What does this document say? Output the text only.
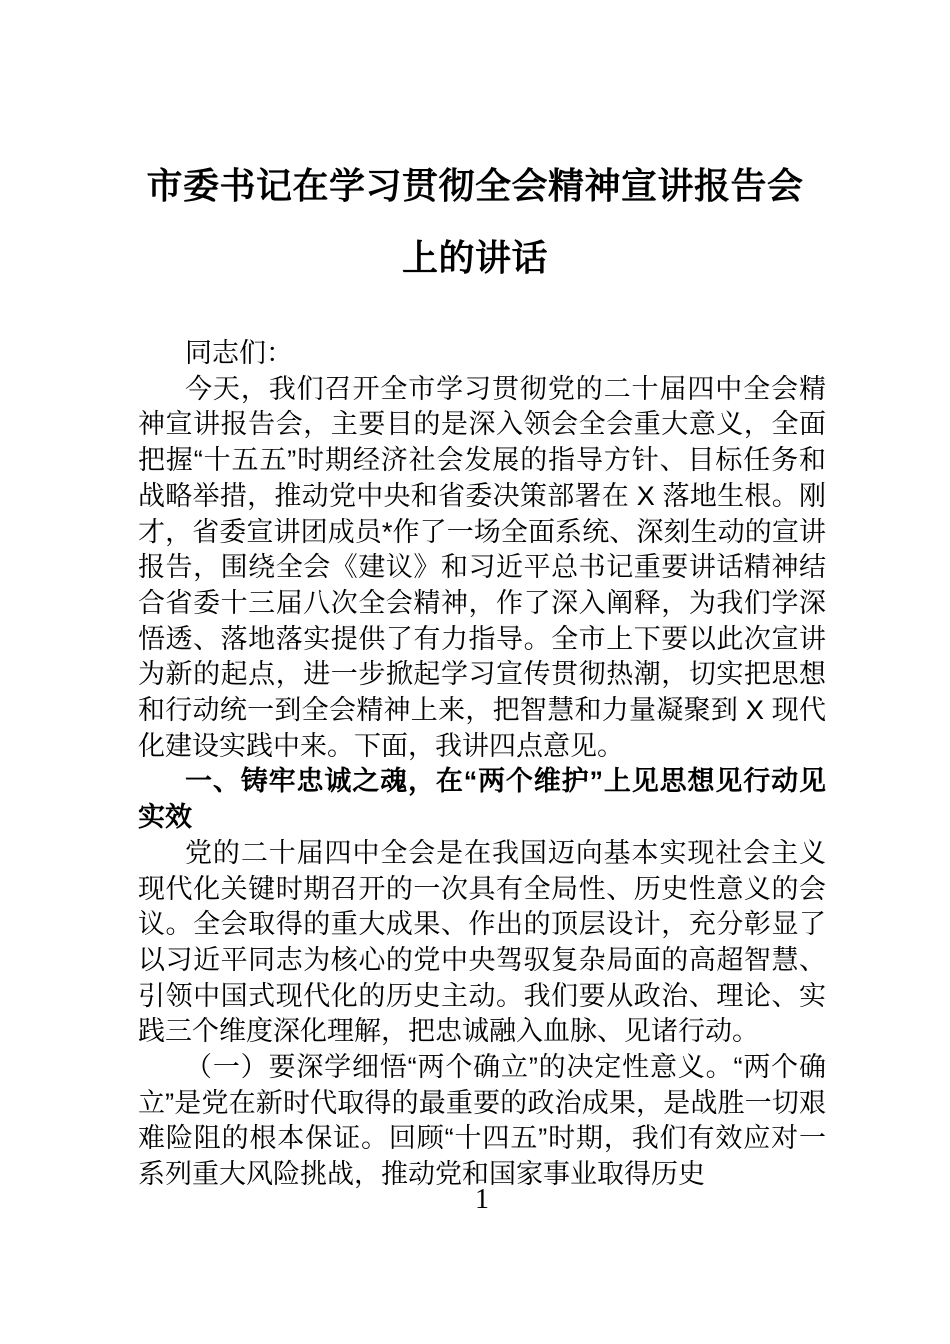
市委书记在学习贯彻全会精神宣讲报告会上的讲话

同志们：

今天，我们召开全市学习贯彻党的二十届四中全会精神宣讲报告会，主要目的是深入领会全会重大意义，全面把握“十五五”时期经济社会发展的指导方针、目标任务和战略举措，推动党中央和省委决策部署在 X 落地生根。刚才，省委宣讲团成员*作了一场全面系统、深刻生动的宣讲报告，围绕全会《建议》和习近平总书记重要讲话精神结合省委十三届八次全会精神，作了深入阐释，为我们学深悟透、落地落实提供了有力指导。全市上下要以此次宣讲为新的起点，进一步掀起学习宣传贯彻热潮，切实把思想和行动统一到全会精神上来，把智慧和力量凝聚到 X 现代化建设实践中来。下面，我讲四点意见。

一、铸牢忠诚之魂，在“两个维护”上见思想见行动见实效

党的二十届四中全会是在我国迈向基本实现社会主义现代化关键时期召开的一次具有全局性、历史性意义的会议。全会取得的重大成果、作出的顶层设计，充分彰显了以习近平同志为核心的党中央驾驭复杂局面的高超智慧、引领中国式现代化的历史主动。我们要从政治、理论、实践三个维度深化理解，把忠诚融入血脉、见诸行动。

（一）要深学细悟“两个确立”的决定性意义。“两个确立”是党在新时代取得的最重要的政治成果，是战胜一切艰难险阻的根本保证。回顾“十四五”时期，我们有效应对一系列重大风险挑战，推动党和国家事业取得历史

1
